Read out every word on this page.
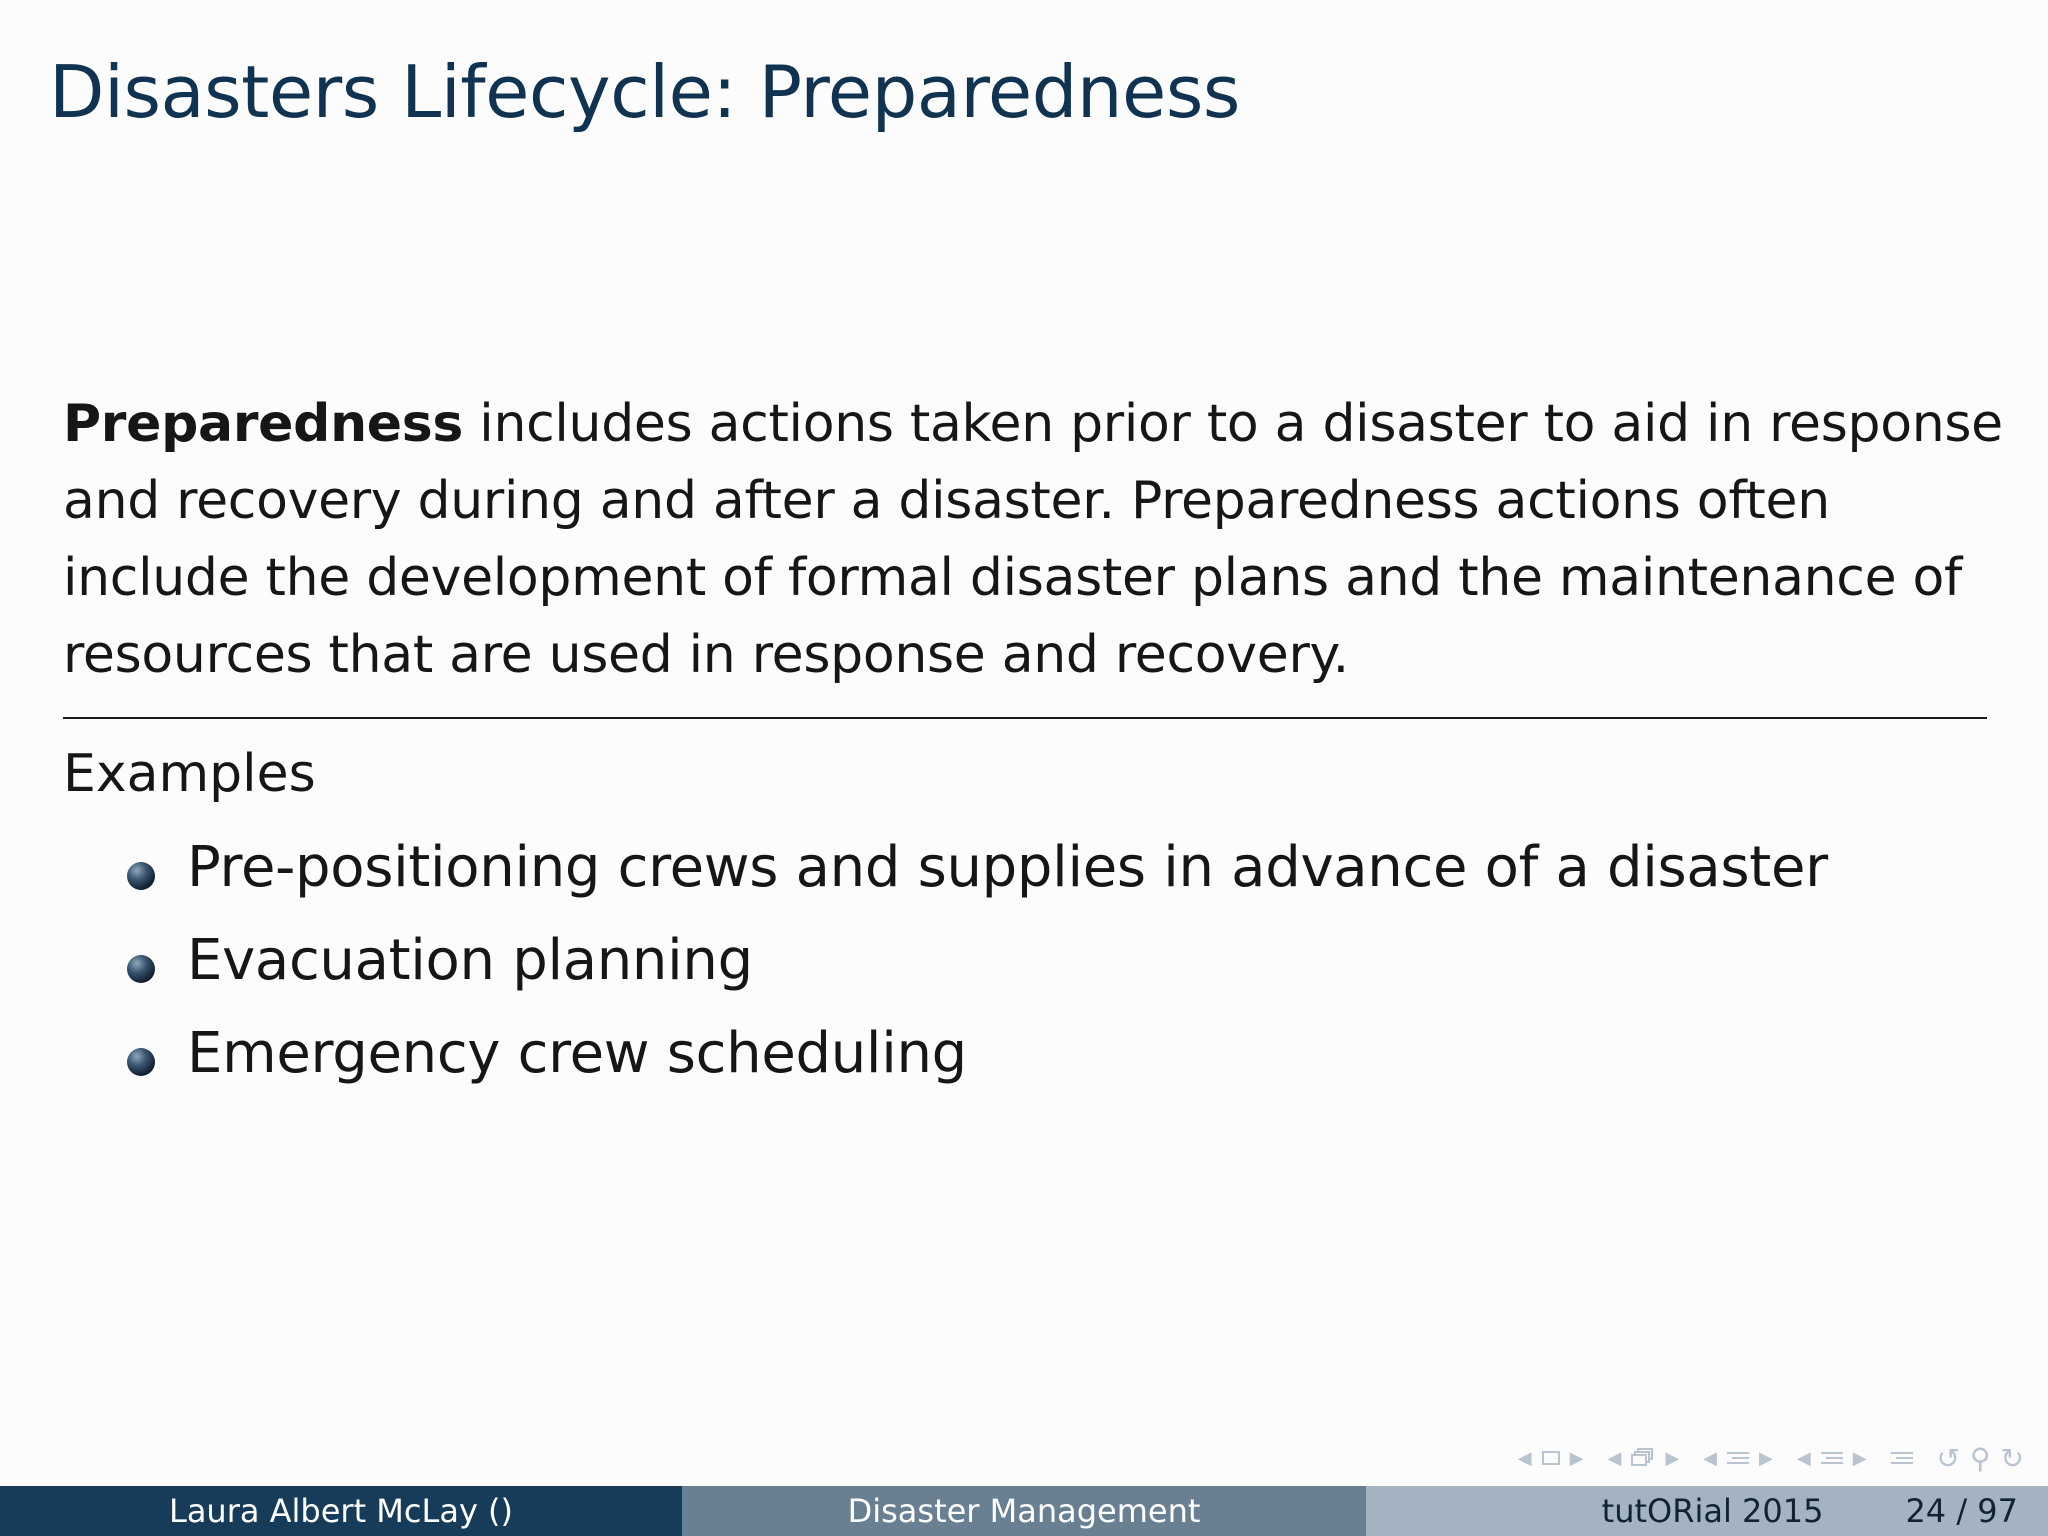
Disasters Lifecycle: Preparedness
Preparedness includes actions taken prior to a disaster to aid in response and recovery during and after a disaster. Preparedness actions often include the development of formal disaster plans and the maintenance of resources that are used in response and recovery.
Examples
Pre-positioning crews and supplies in advance of a disaster
Evacuation planning
Emergency crew scheduling
◀ ▶ ◀ ▶ ◀ ▶ ◀ ▶	↺ ⚲ ↻
Laura Albert McLay ()	Disaster Management	tutORial 2015	24 / 97
